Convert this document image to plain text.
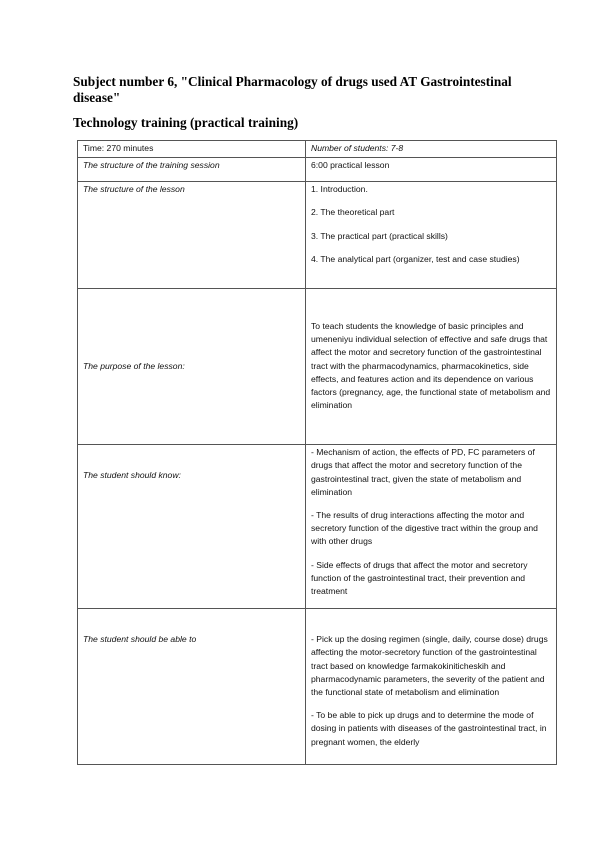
Subject number 6, "Clinical Pharmacology of drugs used AT Gastrointestinal disease"

Technology training (practical training)

Time: 270 minutes	Number of students: 7-8
The structure of the training session	6:00 practical lesson
The structure of the lesson	1. Introduction.

2. The theoretical part

3. The practical part (practical skills)

4. The analytical part (organizer, test and case studies)

The purpose of the lesson:	To teach students the knowledge of basic principles and umeneniyu individual selection of effective and safe drugs that affect the motor and secretory function of the gastrointestinal tract with the pharmacodynamics, pharmacokinetics, side effects, and features action and its dependence on various factors (pregnancy, age, the functional state of metabolism and elimination
The student should know:	- Mechanism of action, the effects of PD, FC parameters of drugs that affect the motor and secretory function of the gastrointestinal tract, given the state of metabolism and elimination

- The results of drug interactions affecting the motor and secretory function of the digestive tract within the group and with other drugs

- Side effects of drugs that affect the motor and secretory function of the gastrointestinal tract, their prevention and treatment

The student should be able to	- Pick up the dosing regimen (single, daily, course dose) drugs affecting the motor-secretory function of the gastrointestinal tract based on knowledge farmakokiniticheskih and pharmacodynamic parameters, the severity of the patient and the functional state of metabolism and elimination

- To be able to pick up drugs and to determine the mode of dosing in patients with diseases of the gastrointestinal tract, in pregnant women, the elderly
